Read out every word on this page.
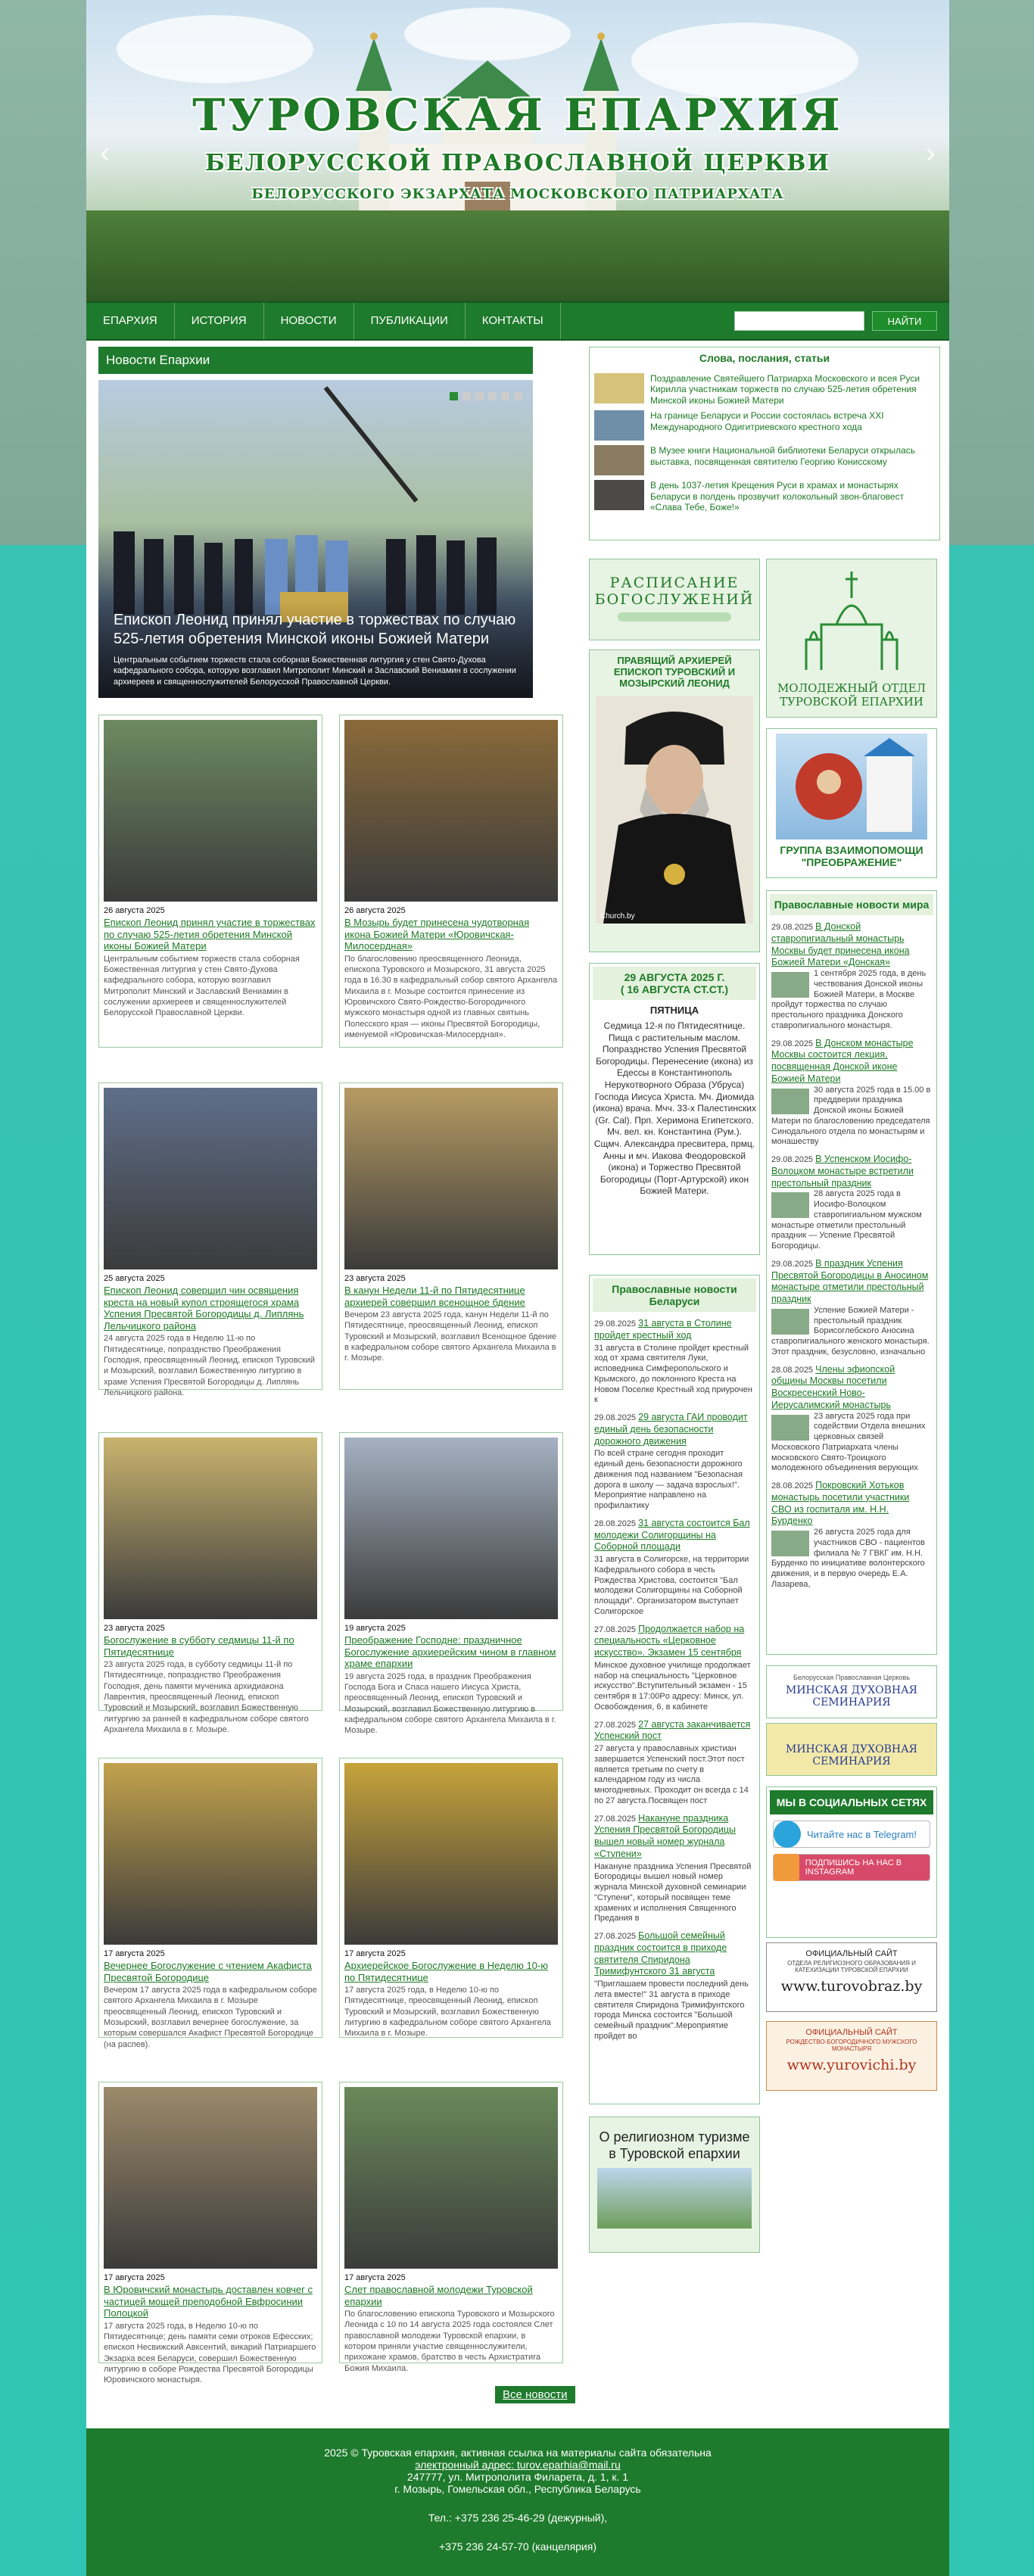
ТУРОВСКАЯ ЕПАРХИЯ
БЕЛОРУССКОЙ ПРАВОСЛАВНОЙ ЦЕРКВИ
БЕЛОРУССКОГО ЭКЗАРХАТА МОСКОВСКОГО ПАТРИАРХАТА
‹	›
ЕПАРХИЯ	ИСТОРИЯ	НОВОСТИ	ПУБЛИКАЦИИ	КОНТАКТЫ	НАЙТИ
Новости Епархии
Епископ Леонид принял участие в торжествах по случаю 525-летия обретения Минской иконы Божией Матери

Центральным событием торжеств стала соборная Божественная литургия у стен Свято-Духова кафедрального собора, которую возглавил Митрополит Минский и Заславский Вениамин в сослужении архиереев и священнослужителей Белорусской Православной Церкви.

26 августа 2025
Епископ Леонид принял участие в торжествах по случаю 525-летия обретения Минской иконы Божией Матери

Центральным событием торжеств стала соборная Божественная литургия у стен Свято-Духова кафедрального собора, которую возглавил Митрополит Минский и Заславский Вениамин в сослужении архиереев и священнослужителей Белорусской Православной Церкви.

26 августа 2025
В Мозырь будет принесена чудотворная икона Божией Матери «Юровичская-Милосердная»

По благословению преосвященного Леонида, епископа Туровского и Мозырского, 31 августа 2025 года в 16.30 в кафедральный собор святого Архангела Михаила в г. Мозыре состоится принесение из Юровичского Свято-Рождество-Богородичного мужского монастыря одной из главных святынь Полесского края — иконы Пресвятой Богородицы, именуемой «Юровичская-Милосердная».

25 августа 2025
Епископ Леонид совершил чин освящения креста на новый купол строящегося храма Успения Пресвятой Богородицы д. Липлянь Лельчицкого района

24 августа 2025 года в Неделю 11-ю по Пятидесятнице, попразднство Преображения Господня, преосвященный Леонид, епископ Туровский и Мозырский, возглавил Божественную литургию в храме Успения Пресвятой Богородицы д. Липлянь Лельчицкого района.

23 августа 2025
В канун Недели 11-й по Пятидесятнице архиерей совершил всенощное бдение

Вечером 23 августа 2025 года, канун Недели 11-й по Пятидесятнице, преосвященный Леонид, епископ Туровский и Мозырский, возглавил Всенощное бдение в кафедральном соборе святого Архангела Михаила в г. Мозыре.

23 августа 2025
Богослужение в субботу седмицы 11-й по Пятидесятнице

23 августа 2025 года, в субботу седмицы 11-й по Пятидесятнице, попразднство Преображения Господня, день памяти мученика архидиакона Лаврентия, преосвященный Леонид, епископ Туровский и Мозырский, возглавил Божественную литургию за ранней в кафедральном соборе святого Архангела Михаила в г. Мозыре.

19 августа 2025
Преображение Господне: праздничное Богослужение архиерейским чином в главном храме епархии

19 августа 2025 года, в праздник Преображения Господа Бога и Спаса нашего Иисуса Христа, преосвященный Леонид, епископ Туровский и Мозырский, возглавил Божественную литургию в кафедральном соборе святого Архангела Михаила в г. Мозыре.

17 августа 2025
Вечернее Богослужение с чтением Акафиста Пресвятой Богородице

Вечером 17 августа 2025 года в кафедральном соборе святого Архангела Михаила в г. Мозыре преосвященный Леонид, епископ Туровский и Мозырский, возглавил вечернее богослужение, за которым совершался Акафист Пресвятой Богородице (на распев).

17 августа 2025
Архиерейское Богослужение в Неделю 10-ю по Пятидесятнице

17 августа 2025 года, в Неделю 10-ю по Пятидесятнице, преосвященный Леонид, епископ Туровский и Мозырский, возглавил Божественную литургию в кафедральном соборе святого Архангела Михаила в г. Мозыре.

17 августа 2025
В Юровичский монастырь доставлен ковчег с частицей мощей преподобной Евфросинии Полоцкой

17 августа 2025 года, в Неделю 10-ю по Пятидесятнице; день памяти семи отроков Ефесских; епископ Несвижский Авксентий, викарий Патриаршего Экзарха всея Беларуси, совершил Божественную литургию в соборе Рождества Пресвятой Богородицы Юровичского монастыря.

17 августа 2025
Слет православной молодежи Туровской епархии

По благословению епископа Туровского и Мозырского Леонида с 10 по 14 августа 2025 года состоялся Слет православной молодежи Туровской епархии, в котором приняли участие священнослужители, прихожане храмов, братство в честь Архистратига Божия Михаила.

Все новости
Слова, послания, статьи
Поздравление Святейшего Патриарха Московского и всея Руси Кирилла участникам торжеств по случаю 525-летия обретения Минской иконы Божией Матери
На границе Беларуси и России состоялась встреча XXI Международного Одигитриевского крестного хода
В Музее книги Национальной библиотеки Беларуси открылась выставка, посвященная святителю Георгию Конисскому
В день 1037-летия Крещения Руси в храмах и монастырях Беларуси в полдень прозвучит колокольный звон-благовест «Слава Тебе, Боже!»
РАСПИСАНИЕ
БОГОСЛУЖЕНИЙ
ПРАВЯЩИЙ АРХИЕРЕЙ ЕПИСКОП ТУРОВСКИЙ И МОЗЫРСКИЙ ЛЕОНИД
Church.by
29 АВГУСТА 2025 Г.
( 16 АВГУСТА СТ.СТ.)
ПЯТНИЦА
Седмица 12-я по Пятидесятнице. Пища с растительным маслом. Попразднство Успения Пресвятой Богородицы. Перенесение (икона) из Едессы в Константинополь Нерукотворного Образа (Убруса) Господа Иисуса Христа. Мч. Диомида (икона) врача. Мчч. 33-х Палестинских (Gr. Cal). Прп. Херимона Египетского. Мч. вел. кн. Константина (Рум.). Сщмч. Александра пресвитера, прмц. Анны и мч. Иакова Феодоровской (икона) и Торжество Пресвятой Богородицы (Порт-Артурской) икон Божией Матери.
Православные новости Беларуси
29.08.2025 31 августа в Столине пройдет крестный ход
31 августа в Столине пройдет крестный ход от храма святителя Луки, исповедника Симферопольского и Крымского, до поклонного Креста на Новом Поселке Крестный ход приурочен к
29.08.2025 29 августа ГАИ проводит единый день безопасности дорожного движения
По всей стране сегодня проходит единый день безопасности дорожного движения под названием "Безопасная дорога в школу — задача взрослых!". Мероприятие направлено на профилактику
28.08.2025 31 августа состоится Бал молодежи Солигорщины на Соборной площади
31 августа в Солигорске, на территории Кафедрального собора в честь Рождества Христова, состоится "Бал молодежи Солигорщины на Соборной площади". Организатором выступает Солигорское
27.08.2025 Продолжается набор на специальность «Церковное искусство». Экзамен 15 сентября
Минское духовное училище продолжает набор на специальность "Церковное искусство".Вступительный экзамен - 15 сентября в 17:00Po адресу: Минск, ул. Освобождения, 6, в кабинете
27.08.2025 27 августа заканчивается Успенский пост
27 августа у православных христиан завершается Успенский пост.Этот пост является третьим по счету в календарном году из числа многодневных. Проходит он всегда с 14 по 27 августа.Посвящен пост
27.08.2025 Накануне праздника Успения Пресвятой Богородицы вышел новый номер журнала «Ступени»
Накануне праздника Успения Пресвятой Богородицы вышел новый номер журнала Минской духовной семинарии "Ступени", который посвящен теме храмених и исполнения Священного Предания в
27.08.2025 Большой семейный праздник состоится в приходе святителя Спиридона Тримифунтского 31 августа
"Приглашаем провести последний день лета вместе!" 31 августа в приходе святителя Спиридона Тримифунтского города Минска состоится "Большой семейный праздник".Мероприятие пройдет во
О религиозном туризме в Туровской епархии
МОЛОДЕЖНЫЙ ОТДЕЛ
ТУРОВСКОЙ ЕПАРХИИ
ГРУППА ВЗАИМОПОМОЩИ
"ПРЕОБРАЖЕНИЕ"
Православные новости мира
29.08.2025 В Донской ставропигиальный монастырь Москвы будет принесена икона Божией Матери «Донская»
1 сентября 2025 года, в день чествования Донской иконы Божией Матери, в Москве пройдут торжества по случаю престольного праздника Донского ставропигиального монастыря.
29.08.2025 В Донском монастыре Москвы состоится лекция, посвященная Донской иконе Божией Матери
30 августа 2025 года в 15.00 в преддверии праздника Донской иконы Божией Матери по благословению председателя Синодального отдела по монастырям и монашеству
29.08.2025 В Успенском Иосифо-Волоцком монастыре встретили престольный праздник
28 августа 2025 года в Иосифо-Волоцком ставропигиальном мужском монастыре отметили престольный праздник — Успение Пресвятой Богородицы.
29.08.2025 В праздник Успения Пресвятой Богородицы в Аносином монастыре отметили престольный праздник
Успение Божией Матери - престольный праздник Борисоглебского Аносина ставропигиального женского монастыря. Этот праздник, безусловно, изначально
28.08.2025 Члены эфиопской общины Москвы посетили Воскресенский Ново-Иерусалимский монастырь
23 августа 2025 года при содействии Отдела внешних церковных связей Московского Патриархата члены московского Свято-Троицкого молодежного объединения верующих
28.08.2025 Покровский Хотьков монастырь посетили участники СВО из госпиталя им. Н.Н. Бурденко
26 августа 2025 года для участников СВО - пациентов филиала № 7 ГВКГ им. Н.Н. Бурденко по инициативе волонтерского движения, и в первую очередь Е.А. Лазарева,
Белорусская Православная Церковь
МИНСКАЯ ДУХОВНАЯ СЕМИНАРИЯ
МИНСКАЯ ДУХОВНАЯ СЕМИНАРИЯ
МЫ В СОЦИАЛЬНЫХ СЕТЯХ
Читайте нас в Telegram!
ПОДПИШИСЬ НА НАС В INSTAGRAM
ОФИЦИАЛЬНЫЙ САЙТ
ОТДЕЛА РЕЛИГИОЗНОГО ОБРАЗОВАНИЯ И КАТЕХИЗАЦИИ ТУРОВСКОЙ ЕПАРХИИ
www.turovobraz.by
ОФИЦИАЛЬНЫЙ САЙТ
РОЖДЕСТВО-БОГОРОДИЧНОГО МУЖСКОГО МОНАСТЫРЯ
www.yurovichi.by
2025 © Туровская епархия, активная ссылка на материалы сайта обязательна
электронный адрес: turov.eparhia@mail.ru
247777, ул. Митрополита Филарета, д. 1, к. 1
г. Мозырь, Гомельская обл., Республика Беларусь
Тел.: +375 236 25-46-29 (дежурный),
+375 236 24-57-70 (канцелярия)
